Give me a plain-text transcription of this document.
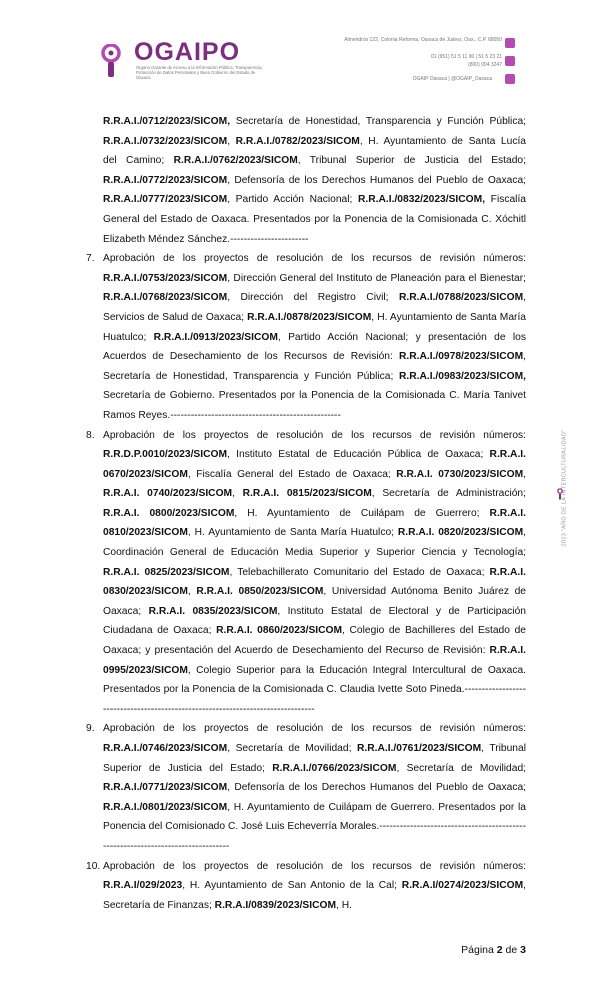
OGAIPO
Órgano Garante de Acceso a la Información Pública, Transparencia, Protección de Datos Personales y Buen Gobierno del Estado de Oaxaca
Almendros 122, Colonia Reforma, Oaxaca de Juárez, Oax., C.P. 68050
01 (951) 51 5 11 90 | 51 5 23 21
(800) 004 3247
OGAIP Oaxaca | @OGAIP_Oaxaca
2023 "AÑO DE LA INTERCULTURALIDAD"
R.R.A.I./0712/2023/SICOM, Secretaría de Honestidad, Transparencia y Función Pública; R.R.A.I./0732/2023/SICOM, R.R.A.I./0782/2023/SICOM, H. Ayuntamiento de Santa Lucía del Camino; R.R.A.I./0762/2023/SICOM, Tribunal Superior de Justicia del Estado; R.R.A.I./0772/2023/SICOM, Defensoría de los Derechos Humanos del Pueblo de Oaxaca; R.R.A.I./0777/2023/SICOM, Partido Acción Nacional; R.R.A.I./0832/2023/SICOM, Fiscalía General del Estado de Oaxaca. Presentados por la Ponencia de la Comisionada C. Xóchitl Elizabeth Méndez Sánchez.-----------------------
7. Aprobación de los proyectos de resolución de los recursos de revisión números: R.R.A.I./0753/2023/SICOM, Dirección General del Instituto de Planeación para el Bienestar; R.R.A.I./0768/2023/SICOM, Dirección del Registro Civil; R.R.A.I./0788/2023/SICOM, Servicios de Salud de Oaxaca; R.R.A.I./0878/2023/SICOM, H. Ayuntamiento de Santa María Huatulco; R.R.A.I./0913/2023/SICOM, Partido Acción Nacional; y presentación de los Acuerdos de Desechamiento de los Recursos de Revisión: R.R.A.I./0978/2023/SICOM, Secretaría de Honestidad, Transparencia y Función Pública; R.R.A.I./0983/2023/SICOM, Secretaría de Gobierno. Presentados por la Ponencia de la Comisionada C. María Tanivet Ramos Reyes.--------------------------------------------------
8. Aprobación de los proyectos de resolución de los recursos de revisión números: R.R.D.P.0010/2023/SICOM, Instituto Estatal de Educación Pública de Oaxaca; R.R.A.I. 0670/2023/SICOM, Fiscalía General del Estado de Oaxaca; R.R.A.I. 0730/2023/SICOM, R.R.A.I. 0740/2023/SICOM, R.R.A.I. 0815/2023/SICOM, Secretaría de Administración; R.R.A.I. 0800/2023/SICOM, H. Ayuntamiento de Cuilápam de Guerrero; R.R.A.I. 0810/2023/SICOM, H. Ayuntamiento de Santa María Huatulco; R.R.A.I. 0820/2023/SICOM, Coordinación General de Educación Media Superior y Superior Ciencia y Tecnología; R.R.A.I. 0825/2023/SICOM, Telebachillerato Comunitario del Estado de Oaxaca; R.R.A.I. 0830/2023/SICOM, R.R.A.I. 0850/2023/SICOM, Universidad Autónoma Benito Juárez de Oaxaca; R.R.A.I. 0835/2023/SICOM, Instituto Estatal de Electoral y de Participación Ciudadana de Oaxaca; R.R.A.I. 0860/2023/SICOM, Colegio de Bachilleres del Estado de Oaxaca; y presentación del Acuerdo de Desechamiento del Recurso de Revisión: R.R.A.I. 0995/2023/SICOM, Colegio Superior para la Educación Integral Intercultural de Oaxaca. Presentados por la Ponencia de la Comisionada C. Claudia Ivette Soto Pineda.--------------------------------------------------------------------------------
9. Aprobación de los proyectos de resolución de los recursos de revisión números: R.R.A.I./0746/2023/SICOM, Secretaría de Movilidad; R.R.A.I./0761/2023/SICOM, Tribunal Superior de Justicia del Estado; R.R.A.I./0766/2023/SICOM, Secretaría de Movilidad; R.R.A.I./0771/2023/SICOM, Defensoría de los Derechos Humanos del Pueblo de Oaxaca; R.R.A.I./0801/2023/SICOM, H. Ayuntamiento de Cuilápam de Guerrero. Presentados por la Ponencia del Comisionado C. José Luis Echeverría Morales.--------------------------------------------------------------------------------
10. Aprobación de los proyectos de resolución de los recursos de revisión números: R.R.A.I/029/2023, H. Ayuntamiento de San Antonio de la Cal; R.R.A.I/0274/2023/SICOM, Secretaría de Finanzas; R.R.A.I/0839/2023/SICOM, H.
Página 2 de 3
